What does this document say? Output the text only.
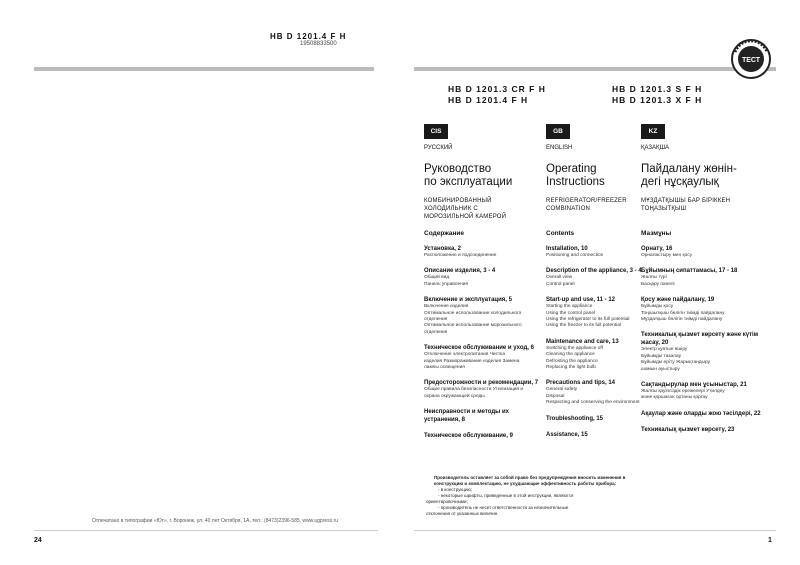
HB D 1201.4 F H
19508833500
Отпечатано в типографии «Ют», г. Воронеж, ул. 40 лет Октября, 1А, тел.: (8473)2396-585, www.ugpress.ru
24
ТЕСТ
HB D 1201.3 CR F H
HB D 1201.4 F H
HB D 1201.3 S F H
HB D 1201.3 X F H
CIS
РУССКИЙ
Руководство
по эксплуатации
КОМБИНИРОВАННЫЙ
ХОЛОДИЛЬНИК С
МОРОЗИЛЬНОЙ КАМЕРОЙ
Содержание
Установка, 2
Расположение и подсоединение
Описание изделия, 3 - 4
Общий вид
Панель управления
Включение и эксплуатация, 5
Включение изделия
Оптимальное использование холодильного
отделения
Оптимальное использование морозильного отделения
Техническое обслуживание и уход, 6
Отключение электропитания Чистка
изделия Размораживание изделия Замена
лампы освещения
Предосторожности и рекомендации, 7
Общие правила безопасности Утилизация и
охрана окружающей среды
Неисправности и методы их устранения, 8
Техническое обслуживание, 9
GB
ENGLISH
Operating
Instructions
REFRIGERATOR/FREEZER
COMBINATION
Contents
Installation, 10
Positioning and connection
Description of the appliance, 3 - 4
Overall view
Control panel
Start-up and use, 11 - 12
Starting the appliance
Using the control panel
Using the refrigerator to its full potential
Using the freezer to its full potential
Maintenance and care, 13
Switching the appliance off
Cleaning the appliance
Defrosting the appliance
Replacing the light bulb
Precautions and tips, 14
General safety
Disposal
Respecting and conserving the environment
Troubleshooting, 15
Assistance, 15
KZ
ҚАЗАҚША
Пайдалану жөнін-
дегі нұсқаулық
МҰЗДАТҚЫШЫ БАР БІРІККЕН
ТОҢАЗЫТҚЫШ
Мазмұны
Орнату, 16
Орналастыру мен қосу
Бұйымның сипаттамасы, 17 - 18
Жалпы түрі
Басқару панелі
Қосу және пайдалану, 19
Бұйымды қосу
Тоңазытқыш бөлігін тиімді пайдалану
Мұздатқыш бөлігін тиімді пайдалану
Техникалық қызмет көрсету және күтім жасау, 20
Электр қуатын өшіру
Бұйымды тазалау
Бұйымды еріту Жарықтандыру
шамын ауыстыру
Сақтандырулар мен ұсыныстар, 21
Жалпы қауіпсіздік ережелері Утилдеу
және қоршаған ортаны қорғау
Ақаулар және оларды жою тәсілдері, 22
Техникалық қызмет көрсету, 23
Производитель оставляет за собой право без предупреждения вносить изменения в конструкцию и комплектацию, не ухудшающие эффективность работы прибора:
- в конструкцию;
- некоторые шрифты, приведенные в этой инструкции, являются
ориентировочными;
- производитель не несет ответственности за незначительные
отклонения от указанных величин.
1
